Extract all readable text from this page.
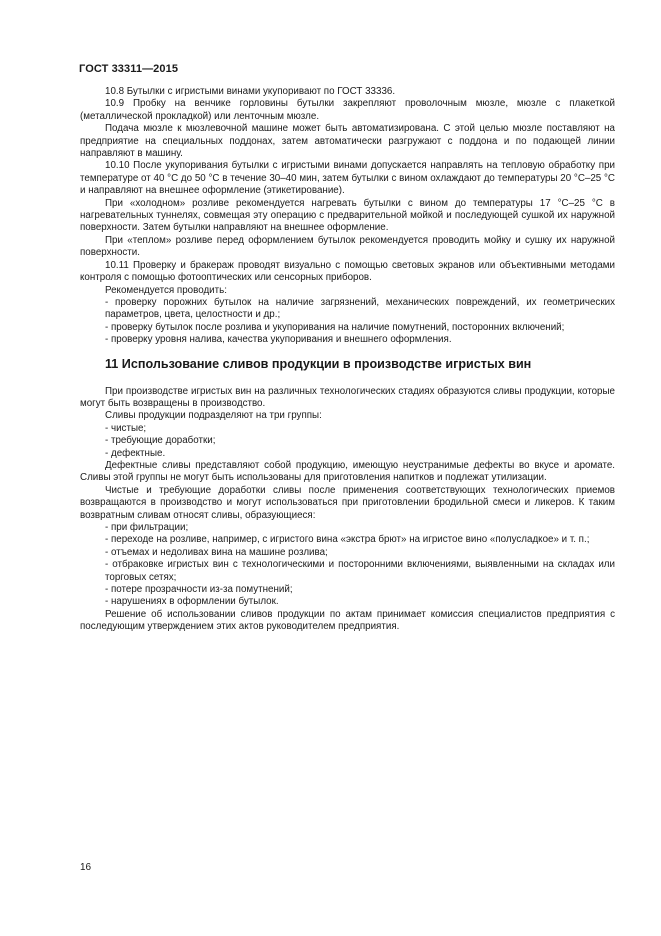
ГОСТ 33311—2015

10.8 Бутылки с игристыми винами укупоривают по ГОСТ 33336.

10.9 Пробку на венчике горловины бутылки закрепляют проволочным мюзле, мюзле с плакеткой (металлической прокладкой) или ленточным мюзле.

Подача мюзле к мюзлевочной машине может быть автоматизирована. С этой целью мюзле поставляют на предприятие на специальных поддонах, затем автоматически разгружают с поддона и по подающей линии направляют в машину.

10.10 После укупоривания бутылки с игристыми винами допускается направлять на тепловую обработку при температуре от 40 °С до 50 °С в течение 30–40 мин, затем бутылки с вином охлаждают до температуры 20 °С–25 °С и направляют на внешнее оформление (этикетирование).

При «холодном» розливе рекомендуется нагревать бутылки с вином до температуры 17 °С–25 °С в нагревательных туннелях, совмещая эту операцию с предварительной мойкой и последующей сушкой их наружной поверхности. Затем бутылки направляют на внешнее оформление.

При «теплом» розливе перед оформлением бутылок рекомендуется проводить мойку и сушку их наружной поверхности.

10.11 Проверку и бракераж проводят визуально с помощью световых экранов или объективными методами контроля с помощью фотооптических или сенсорных приборов.

Рекомендуется проводить:

- проверку порожних бутылок на наличие загрязнений, механических повреждений, их геометрических параметров, цвета, целостности и др.;

- проверку бутылок после розлива и укупоривания на наличие помутнений, посторонних включений;

- проверку уровня налива, качества укупоривания и внешнего оформления.

11 Использование сливов продукции в производстве игристых вин

При производстве игристых вин на различных технологических стадиях образуются сливы продукции, которые могут быть возвращены в производство.

Сливы продукции подразделяют на три группы:

- чистые;

- требующие доработки;

- дефектные.

Дефектные сливы представляют собой продукцию, имеющую неустранимые дефекты во вкусе и аромате. Сливы этой группы не могут быть использованы для приготовления напитков и подлежат утилизации.

Чистые и требующие доработки сливы после применения соответствующих технологических приемов возвращаются в производство и могут использоваться при приготовлении бродильной смеси и ликеров. К таким возвратным сливам относят сливы, образующиеся:

- при фильтрации;

- переходе на розливе, например, с игристого вина «экстра брют» на игристое вино «полусладкое» и т. п.;

- отъемах и недоливах вина на машине розлива;

- отбраковке игристых вин с технологическими и посторонними включениями, выявленными на складах или торговых сетях;

- потере прозрачности из-за помутнений;

- нарушениях в оформлении бутылок.

Решение об использовании сливов продукции по актам принимает комиссия специалистов предприятия с последующим утверждением этих актов руководителем предприятия.

16
